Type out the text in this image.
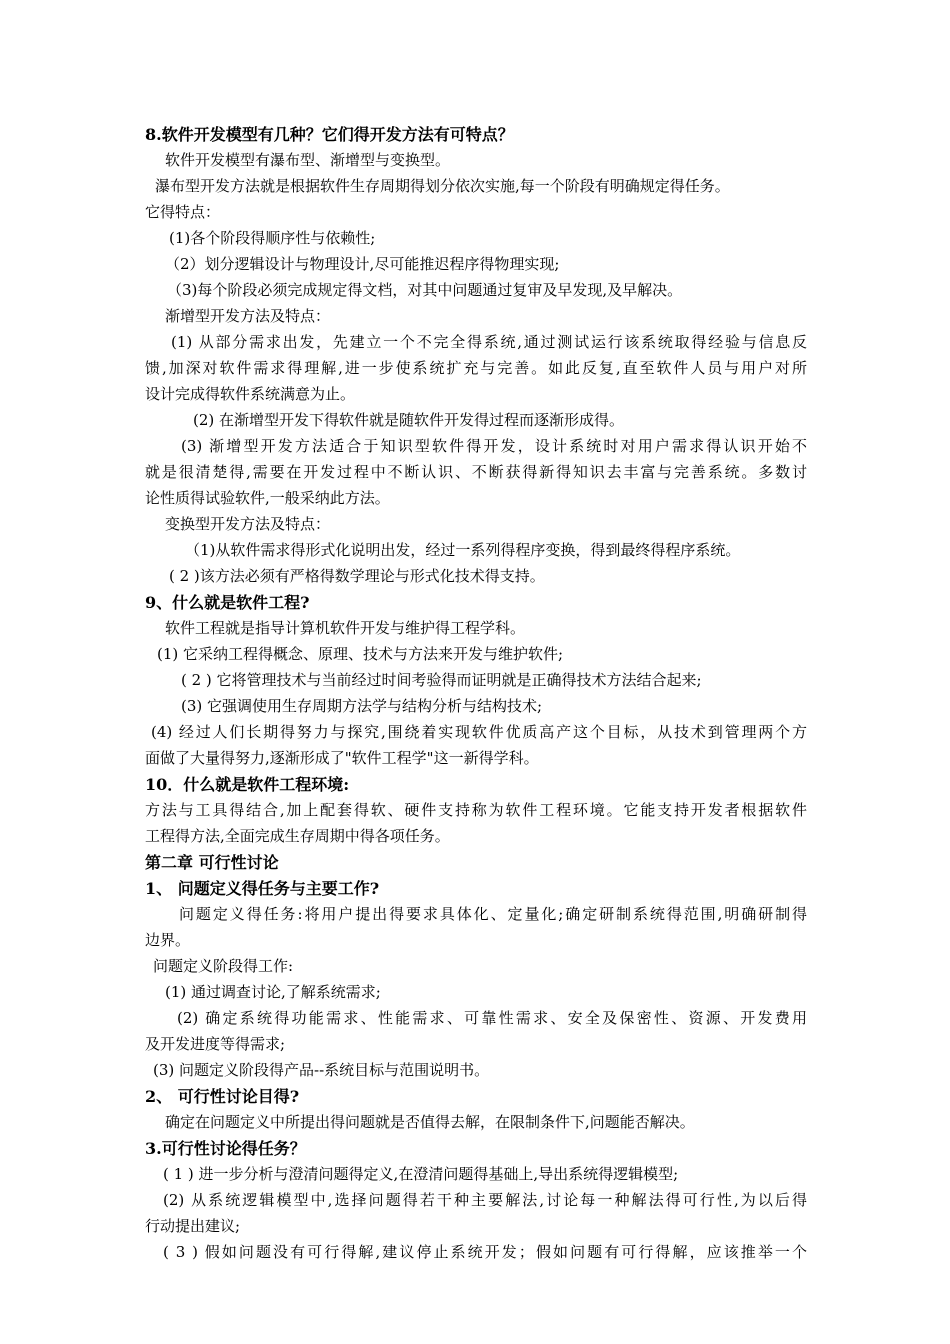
8.软件开发模型有几种？它们得开发方法有可特点？
软件开发模型有瀑布型、渐增型与变换型。
瀑布型开发方法就是根据软件生存周期得划分依次实施,每一个阶段有明确规定得任务。
它得特点：
(1)各个阶段得顺序性与依赖性;
（2）划分逻辑设计与物理设计,尽可能推迟程序得物理实现;
（3)每个阶段必须完成规定得文档，对其中问题通过复审及早发现,及早解决。
渐增型开发方法及特点：
(1) 从部分需求出发，先建立一个不完全得系统,通过测试运行该系统取得经验与信息反
馈,加深对软件需求得理解,进一步使系统扩充与完善。如此反复,直至软件人员与用户对所
设计完成得软件系统满意为止。
(2) 在渐增型开发下得软件就是随软件开发得过程而逐渐形成得。
(3) 渐增型开发方法适合于知识型软件得开发，设计系统时对用户需求得认识开始不
就是很清楚得,需要在开发过程中不断认识、不断获得新得知识去丰富与完善系统。多数讨
论性质得试验软件,一般采纳此方法。
变换型开发方法及特点：
（1)从软件需求得形式化说明出发，经过一系列得程序变换，得到最终得程序系统。
( 2 )该方法必须有严格得数学理论与形式化技术得支持。
9、什么就是软件工程?
软件工程就是指导计算机软件开发与维护得工程学科。
(1) 它采纳工程得概念、原理、技术与方法来开发与维护软件;
( 2 ) 它将管理技术与当前经过时间考验得而证明就是正确得技术方法结合起来;
(3) 它强调使用生存周期方法学与结构分析与结构技术;
(4) 经过人们长期得努力与探究,围绕着实现软件优质高产这个目标，从技术到管理两个方
面做了大量得努力,逐渐形成了"软件工程学"这一新得学科。
10．什么就是软件工程环境:
方法与工具得结合,加上配套得软、硬件支持称为软件工程环境。它能支持开发者根据软件
工程得方法,全面完成生存周期中得各项任务。
第二章 可行性讨论
1、 问题定义得任务与主要工作?
问题定义得任务:将用户提出得要求具体化、定量化;确定研制系统得范围,明确研制得
边界。
问题定义阶段得工作:
(1) 通过调查讨论,了解系统需求;
(2) 确定系统得功能需求、性能需求、可靠性需求、安全及保密性、资源、开发费用
及开发进度等得需求;
(3) 问题定义阶段得产品--系统目标与范围说明书。
2、 可行性讨论目得?
确定在问题定义中所提出得问题就是否值得去解，在限制条件下,问题能否解决。
3.可行性讨论得任务？
( 1 ) 进一步分析与澄清问题得定义,在澄清问题得基础上,导出系统得逻辑模型;
(2) 从系统逻辑模型中,选择问题得若干种主要解法,讨论每一种解法得可行性,为以后得
行动提出建议;
( 3 ) 假如问题没有可行得解,建议停止系统开发；假如问题有可行得解，应该推举一个
